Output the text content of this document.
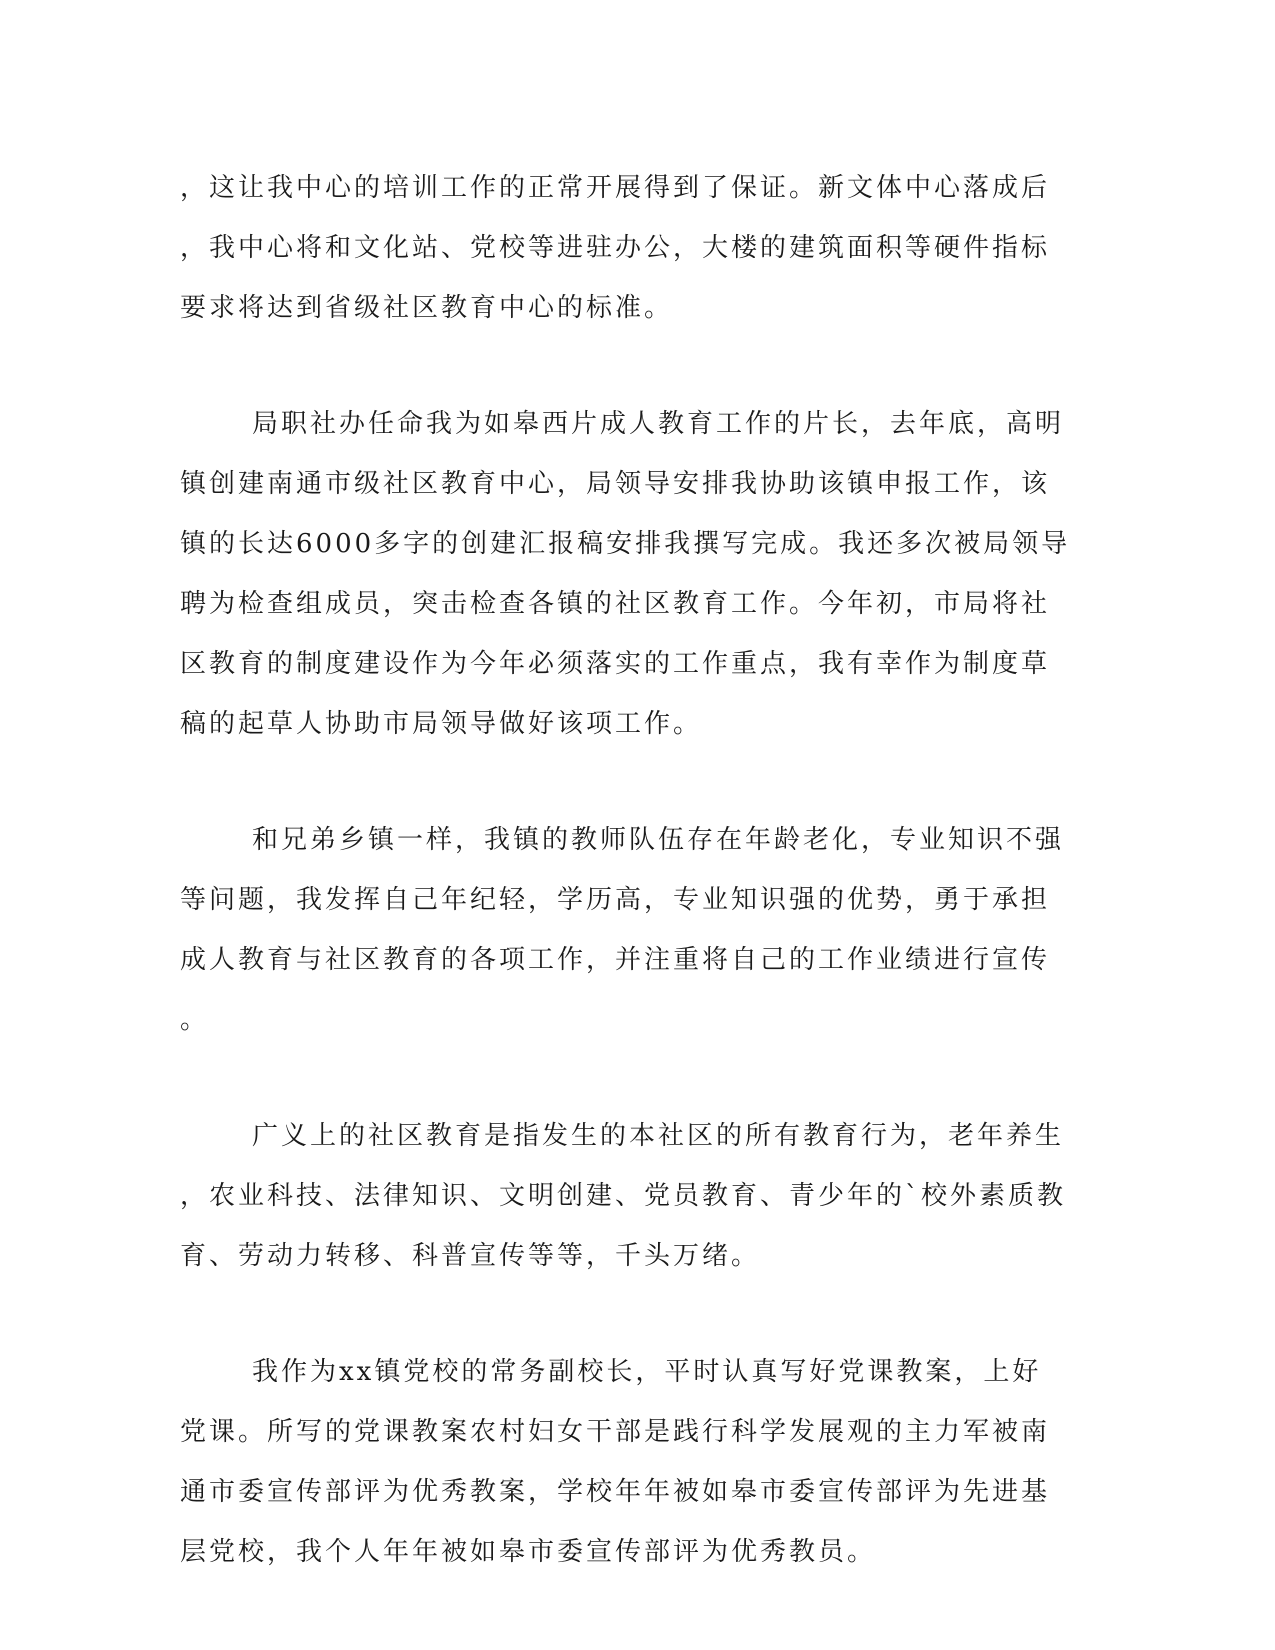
，这让我中心的培训工作的正常开展得到了保证。新文体中心落成后
，我中心将和文化站、党校等进驻办公，大楼的建筑面积等硬件指标
要求将达到省级社区教育中心的标准。
局职社办任命我为如皋西片成人教育工作的片长，去年底，高明
镇创建南通市级社区教育中心，局领导安排我协助该镇申报工作，该
镇的长达6000多字的创建汇报稿安排我撰写完成。我还多次被局领导
聘为检查组成员，突击检查各镇的社区教育工作。今年初，市局将社
区教育的制度建设作为今年必须落实的工作重点，我有幸作为制度草
稿的起草人协助市局领导做好该项工作。
和兄弟乡镇一样，我镇的教师队伍存在年龄老化，专业知识不强
等问题，我发挥自己年纪轻，学历高，专业知识强的优势，勇于承担
成人教育与社区教育的各项工作，并注重将自己的工作业绩进行宣传
。
广义上的社区教育是指发生的本社区的所有教育行为，老年养生
，农业科技、法律知识、文明创建、党员教育、青少年的`校外素质教
育、劳动力转移、科普宣传等等，千头万绪。
我作为xx镇党校的常务副校长，平时认真写好党课教案，上好
党课。所写的党课教案农村妇女干部是践行科学发展观的主力军被南
通市委宣传部评为优秀教案，学校年年被如皋市委宣传部评为先进基
层党校，我个人年年被如皋市委宣传部评为优秀教员。
